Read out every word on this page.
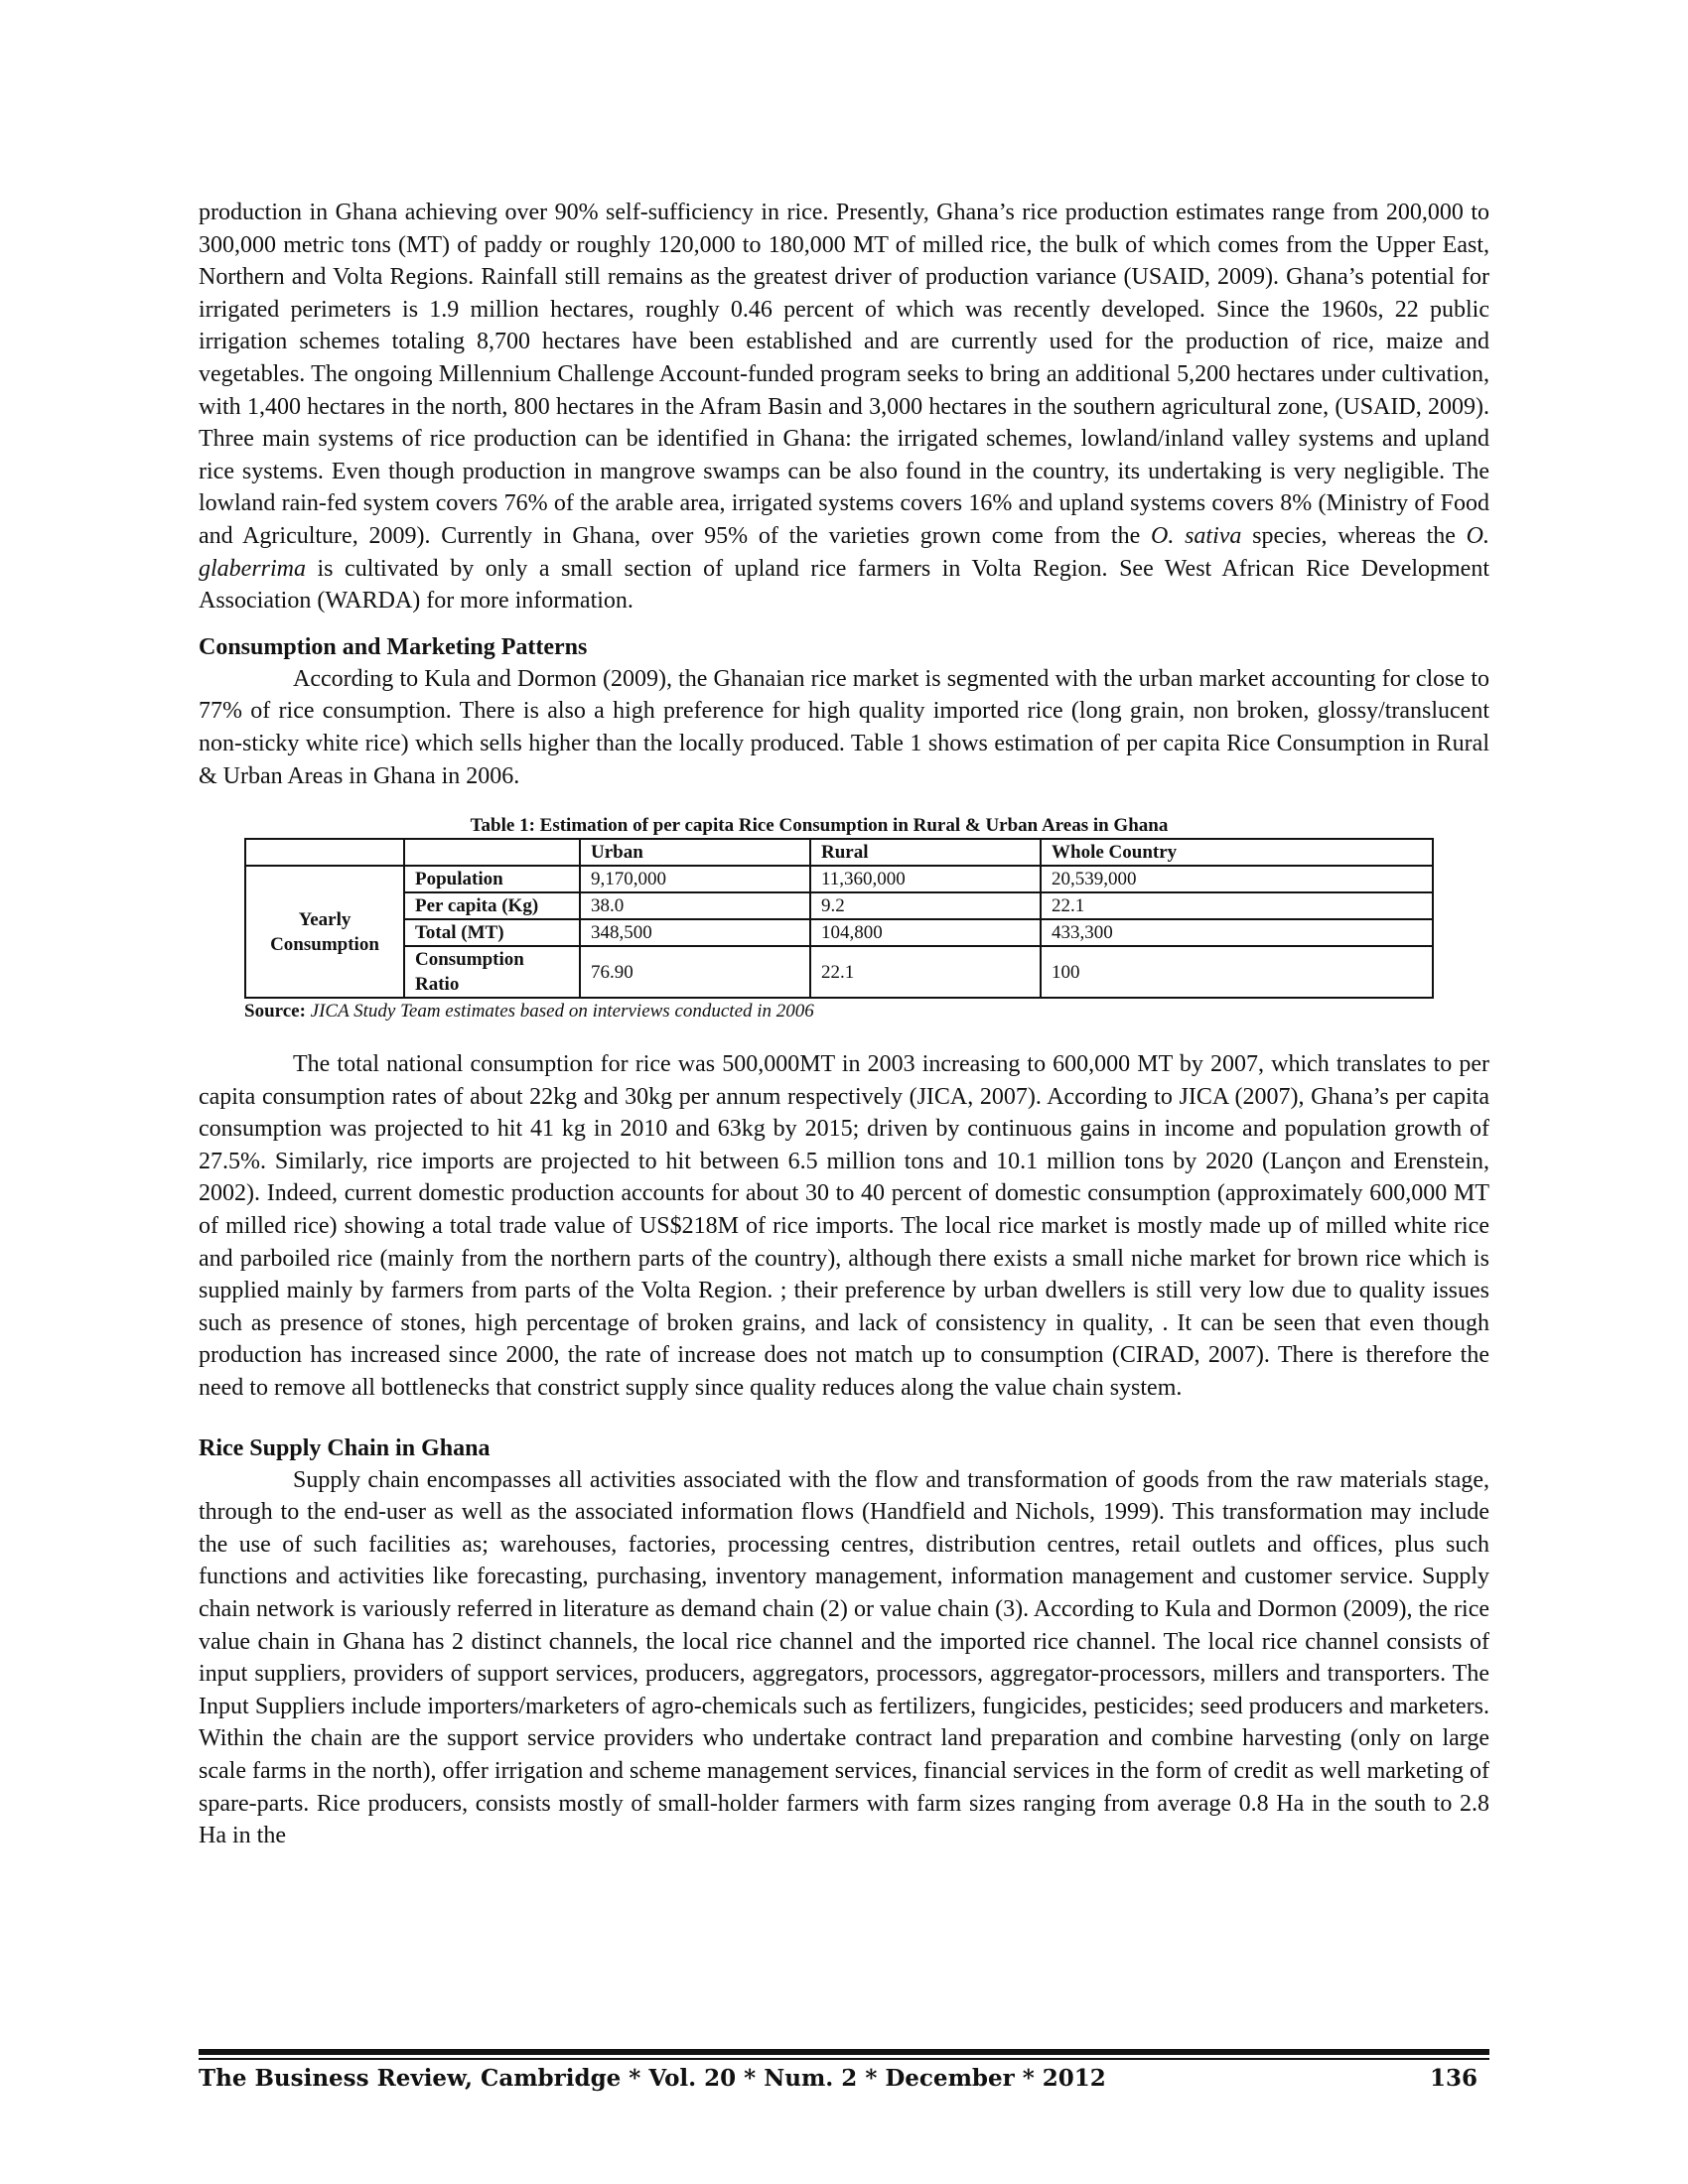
production in Ghana achieving over 90% self-sufficiency in rice. Presently, Ghana’s rice production estimates range from 200,000 to 300,000 metric tons (MT) of paddy or roughly 120,000 to 180,000 MT of milled rice, the bulk of which comes from the Upper East, Northern and Volta Regions. Rainfall still remains as the greatest driver of production variance (USAID, 2009). Ghana’s potential for irrigated perimeters is 1.9 million hectares, roughly 0.46 percent of which was recently developed. Since the 1960s, 22 public irrigation schemes totaling 8,700 hectares have been established and are currently used for the production of rice, maize and vegetables. The ongoing Millennium Challenge Account-funded program seeks to bring an additional 5,200 hectares under cultivation, with 1,400 hectares in the north, 800 hectares in the Afram Basin and 3,000 hectares in the southern agricultural zone, (USAID, 2009). Three main systems of rice production can be identified in Ghana: the irrigated schemes, lowland/inland valley systems and upland rice systems. Even though production in mangrove swamps can be also found in the country, its undertaking is very negligible. The lowland rain-fed system covers 76% of the arable area, irrigated systems covers 16% and upland systems covers 8% (Ministry of Food and Agriculture, 2009). Currently in Ghana, over 95% of the varieties grown come from the O. sativa species, whereas the O. glaberrima is cultivated by only a small section of upland rice farmers in Volta Region. See West African Rice Development Association (WARDA) for more information.

Consumption and Marketing Patterns

According to Kula and Dormon (2009), the Ghanaian rice market is segmented with the urban market accounting for close to 77% of rice consumption. There is also a high preference for high quality imported rice (long grain, non broken, glossy/translucent non-sticky white rice) which sells higher than the locally produced. Table 1 shows estimation of per capita Rice Consumption in Rural & Urban Areas in Ghana in 2006.

Table 1: Estimation of per capita Rice Consumption in Rural & Urban Areas in Ghana
		Urban	Rural	Whole Country
Yearly Consumption	Population	9,170,000	11,360,000	20,539,000
	Per capita (Kg)	38.0	9.2	22.1
	Total (MT)	348,500	104,800	433,300
	Consumption Ratio	76.90	22.1	100
Source: JICA Study Team estimates based on interviews conducted in 2006

The total national consumption for rice was 500,000MT in 2003 increasing to 600,000 MT by 2007, which translates to per capita consumption rates of about 22kg and 30kg per annum respectively (JICA, 2007). According to JICA (2007), Ghana’s per capita consumption was projected to hit 41 kg in 2010 and 63kg by 2015; driven by continuous gains in income and population growth of 27.5%. Similarly, rice imports are projected to hit between 6.5 million tons and 10.1 million tons by 2020 (Lançon and Erenstein, 2002). Indeed, current domestic production accounts for about 30 to 40 percent of domestic consumption (approximately 600,000 MT of milled rice) showing a total trade value of US$218M of rice imports. The local rice market is mostly made up of milled white rice and parboiled rice (mainly from the northern parts of the country), although there exists a small niche market for brown rice which is supplied mainly by farmers from parts of the Volta Region. ; their preference by urban dwellers is still very low due to quality issues such as presence of stones, high percentage of broken grains, and lack of consistency in quality, . It can be seen that even though production has increased since 2000, the rate of increase does not match up to consumption (CIRAD, 2007). There is therefore the need to remove all bottlenecks that constrict supply since quality reduces along the value chain system.

Rice Supply Chain in Ghana

Supply chain encompasses all activities associated with the flow and transformation of goods from the raw materials stage, through to the end-user as well as the associated information flows (Handfield and Nichols, 1999). This transformation may include the use of such facilities as; warehouses, factories, processing centres, distribution centres, retail outlets and offices, plus such functions and activities like forecasting, purchasing, inventory management, information management and customer service. Supply chain network is variously referred in literature as demand chain (2) or value chain (3). According to Kula and Dormon (2009), the rice value chain in Ghana has 2 distinct channels, the local rice channel and the imported rice channel. The local rice channel consists of input suppliers, providers of support services, producers, aggregators, processors, aggregator-processors, millers and transporters. The Input Suppliers include importers/marketers of agro-chemicals such as fertilizers, fungicides, pesticides; seed producers and marketers. Within the chain are the support service providers who undertake contract land preparation and combine harvesting (only on large scale farms in the north), offer irrigation and scheme management services, financial services in the form of credit as well marketing of spare-parts. Rice producers, consists mostly of small-holder farmers with farm sizes ranging from average 0.8 Ha in the south to 2.8 Ha in the

The Business Review, Cambridge * Vol. 20 * Num. 2 * December * 2012	136
